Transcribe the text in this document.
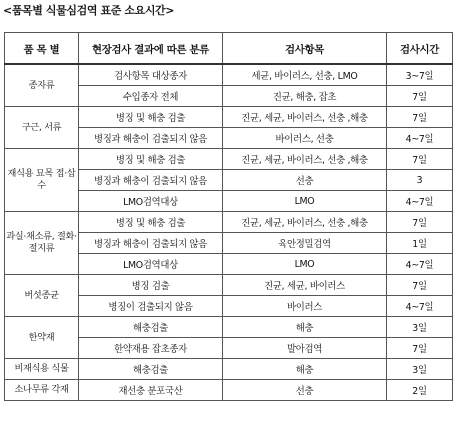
<품목별 식물심검역 표준 소요시간>
품 목 별	현장검사 결과에 따른 분류	검사항목	검사시간
종자류	검사항목 대상종자	세균, 바이러스, 선충, LMO	3~7일
	수입종자 전체	진균, 해충, 잡초	7일
구근, 서류	병징 및 해충 검출	진균, 세균, 바이러스, 선충 ,해충	7일
	병징과 해충이 검출되지 않음	바이러스, 선충	4~7일
재식용 묘목 접·삽수	병징 및 해충 검출	진균, 세균, 바이러스, 선충 ,해충	7일
	병징과 해충이 검출되지 않음	선충	3
	LMO검역대상	LMO	4~7일
과실·채소류, 절화·절지류	병징 및 해충 검출	진균, 세균, 바이러스, 선충 ,해충	7일
	병징과 해충이 검출되지 않음	육안정밀검역	1일
	LMO검역대상	LMO	4~7일
버섯종균	병징 검출	진균, 세균, 바이러스	7일
	병징이 검출되지 않음	바이러스	4~7일
한약재	해충검출	해충	3일
	한약재용 잡초종자	발아검역	7일
비재식용 식물	해충검출	해충	3일
소나무류 각재	재선충 분포국산	선충	2일
